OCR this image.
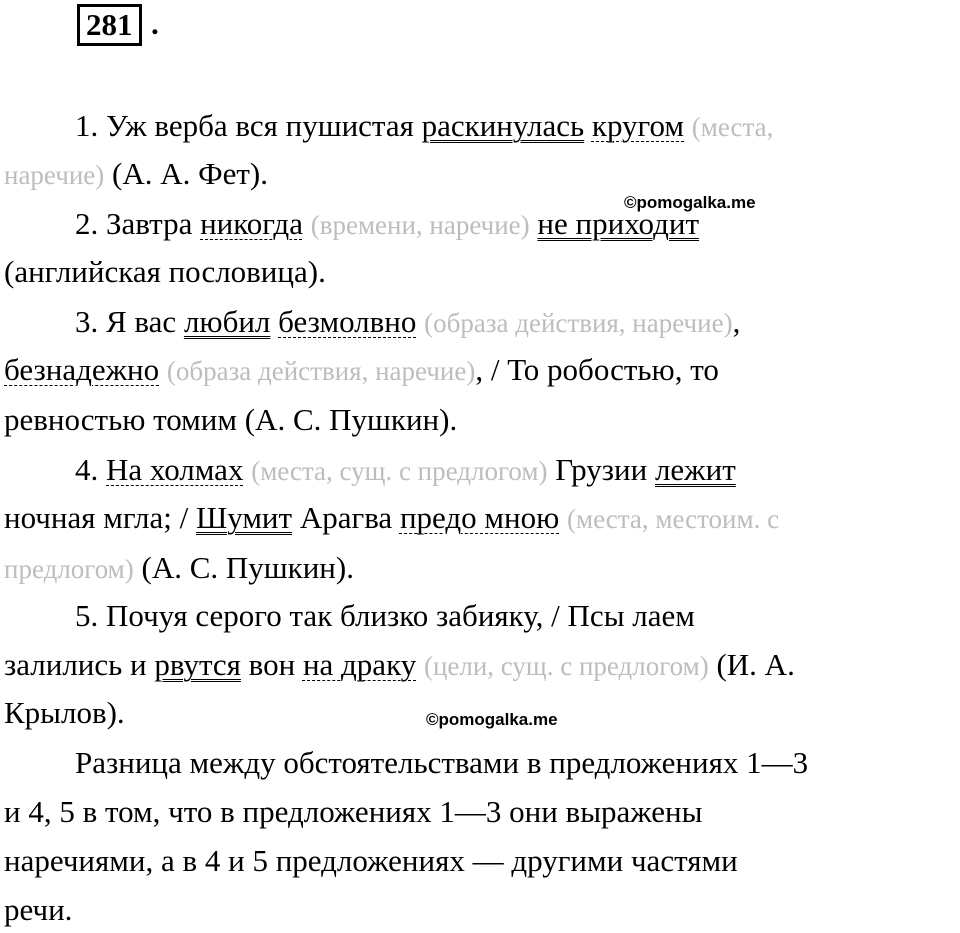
281 .
1. Уж верба вся пушистая раскинулась кругом (места,
наречие) (А. А. Фет).
©pomogalka.me
2. Завтра никогда (времени, наречие) не приходит
(английская пословица).
3. Я вас любил безмолвно (образа действия, наречие),
безнадежно (образа действия, наречие), / То робостью, то
ревностью томим (А. С. Пушкин).
4. На холмах (места, сущ. с предлогом) Грузии лежит
ночная мгла; / Шумит Арагва предо мною (места, местоим. с
предлогом) (А. С. Пушкин).
5. Почуя серого так близко забияку, / Псы лаем
залились и рвутся вон на драку (цели, сущ. с предлогом) (И. А.
Крылов).	©pomogalka.me
Разница между обстоятельствами в предложениях 1—3
и 4, 5 в том, что в предложениях 1—3 они выражены
наречиями, а в 4 и 5 предложениях — другими частями
речи.
